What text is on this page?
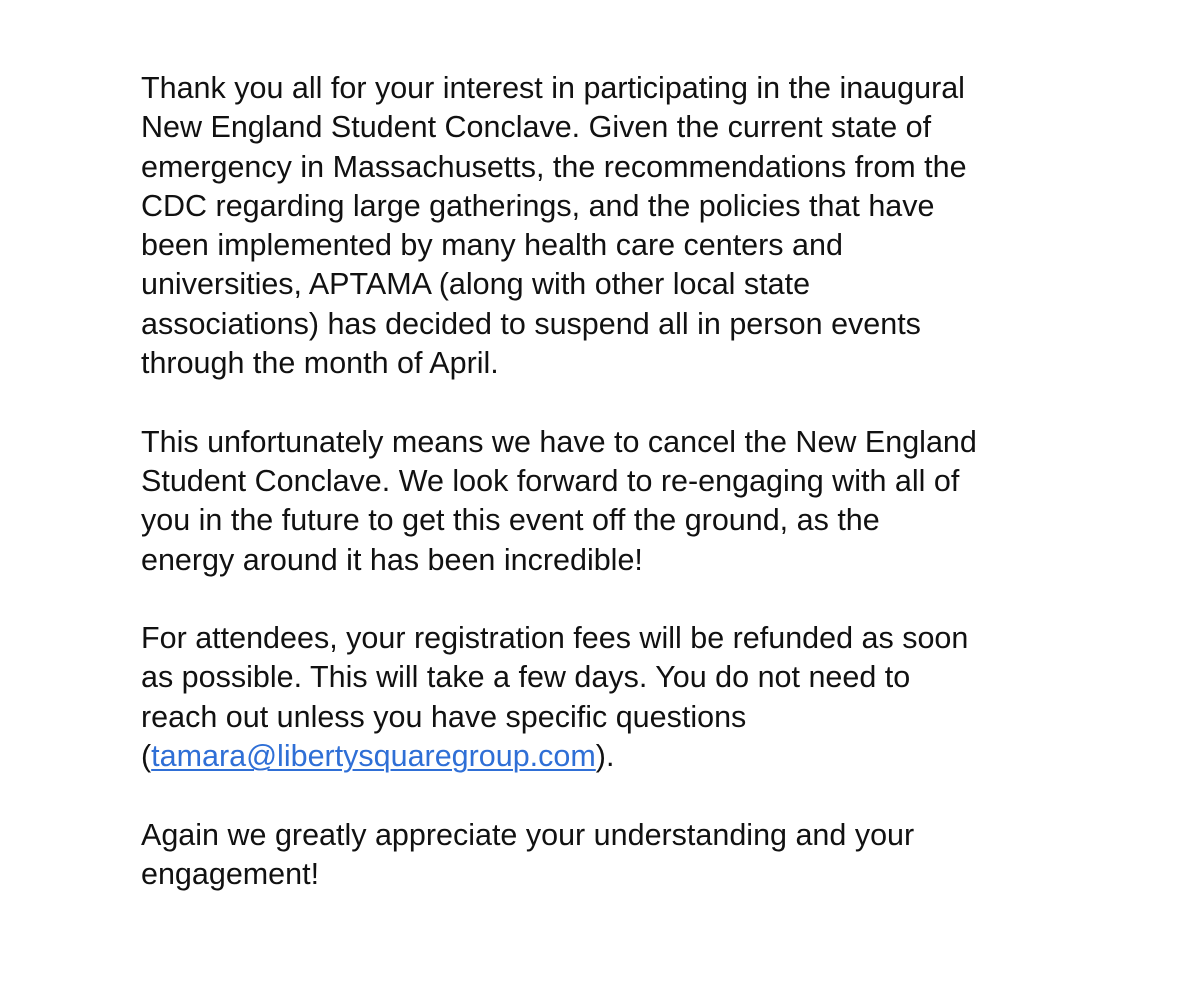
Thank you all for your interest in participating in the inaugural
New England Student Conclave. Given the current state of
emergency in Massachusetts, the recommendations from the
CDC regarding large gatherings, and the policies that have
been implemented by many health care centers and
universities, APTAMA (along with other local state
associations) has decided to suspend all in person events
through the month of April.

This unfortunately means we have to cancel the New England
Student Conclave. We look forward to re-engaging with all of
you in the future to get this event off the ground, as the
energy around it has been incredible!

For attendees, your registration fees will be refunded as soon
as possible. This will take a few days. You do not need to
reach out unless you have specific questions
(tamara@libertysquaregroup.com).

Again we greatly appreciate your understanding and your
engagement!
